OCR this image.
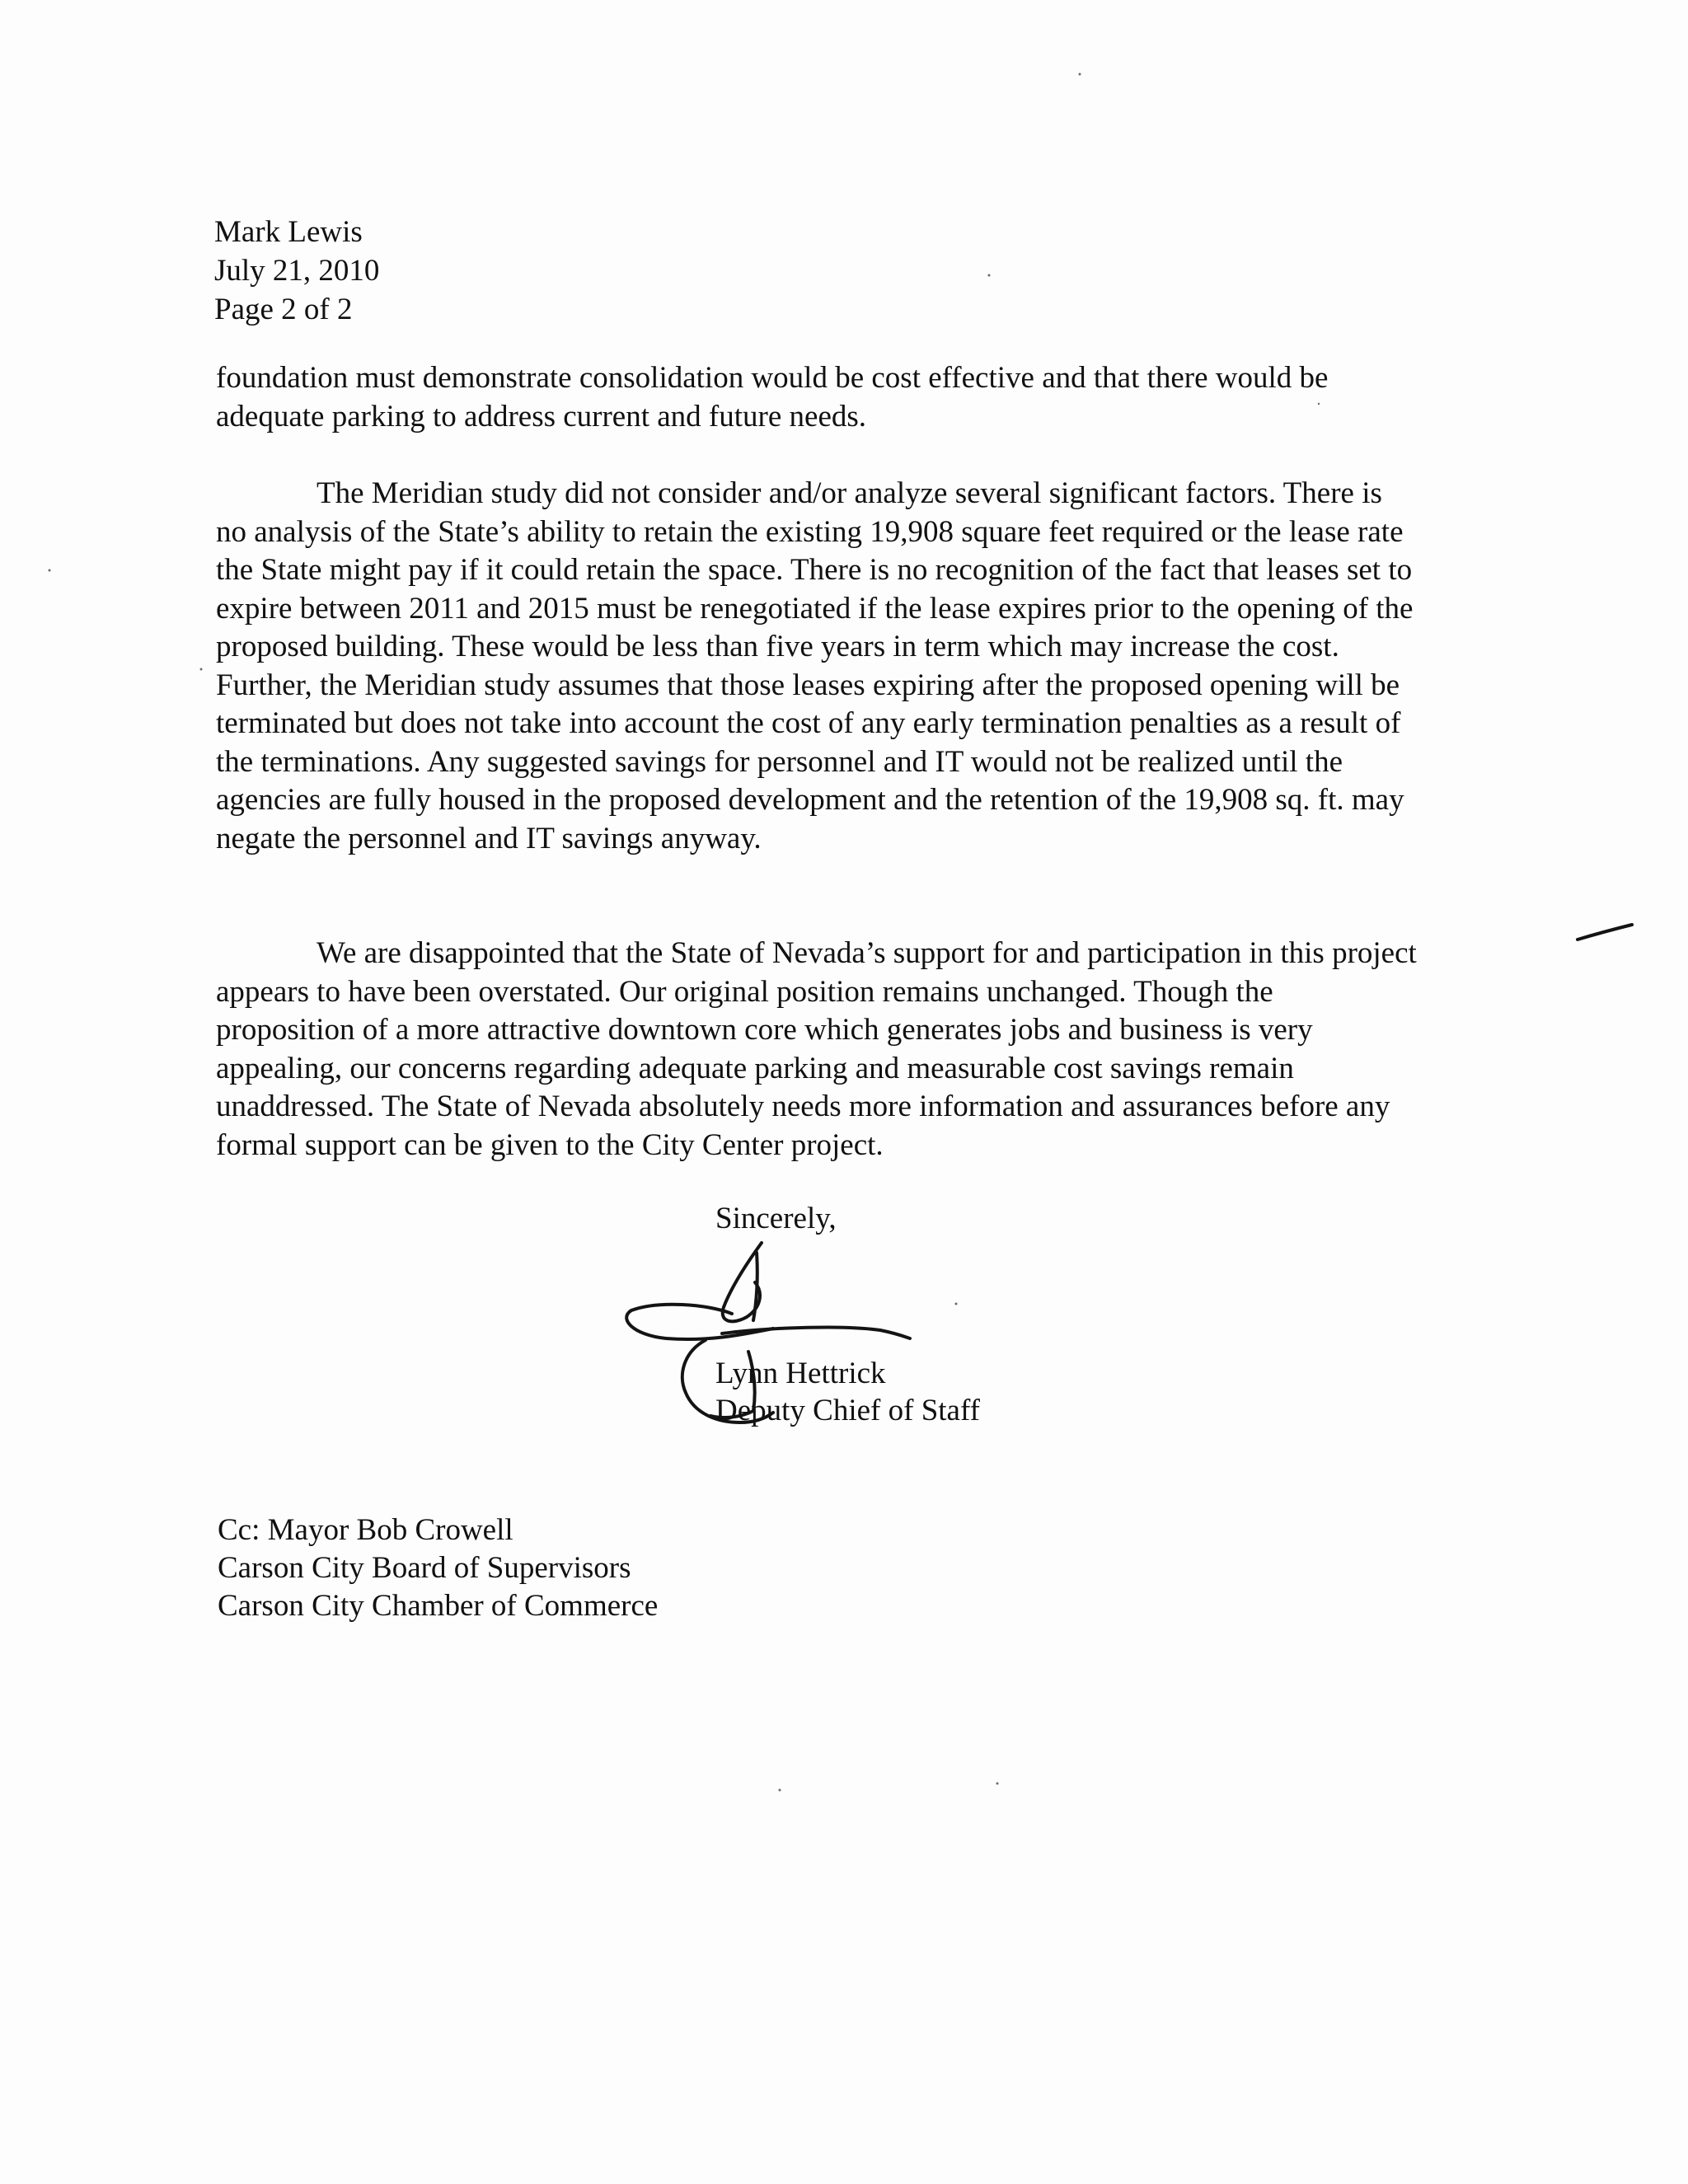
Mark Lewis
July 21, 2010
Page 2 of 2
foundation must demonstrate consolidation would be cost effective and that there would be adequate parking to address current and future needs.
The Meridian study did not consider and/or analyze several significant factors. There is no analysis of the State’s ability to retain the existing 19,908 square feet required or the lease rate the State might pay if it could retain the space. There is no recognition of the fact that leases set to expire between 2011 and 2015 must be renegotiated if the lease expires prior to the opening of the proposed building. These would be less than five years in term which may increase the cost. Further, the Meridian study assumes that those leases expiring after the proposed opening will be terminated but does not take into account the cost of any early termination penalties as a result of the terminations. Any suggested savings for personnel and IT would not be realized until the agencies are fully housed in the proposed development and the retention of the 19,908 sq. ft. may negate the personnel and IT savings anyway.
We are disappointed that the State of Nevada’s support for and participation in this project appears to have been overstated. Our original position remains unchanged. Though the proposition of a more attractive downtown core which generates jobs and business is very appealing, our concerns regarding adequate parking and measurable cost savings remain unaddressed. The State of Nevada absolutely needs more information and assurances before any formal support can be given to the City Center project.
Sincerely,
Lynn Hettrick
Deputy Chief of Staff
Cc: Mayor Bob Crowell
Carson City Board of Supervisors
Carson City Chamber of Commerce
